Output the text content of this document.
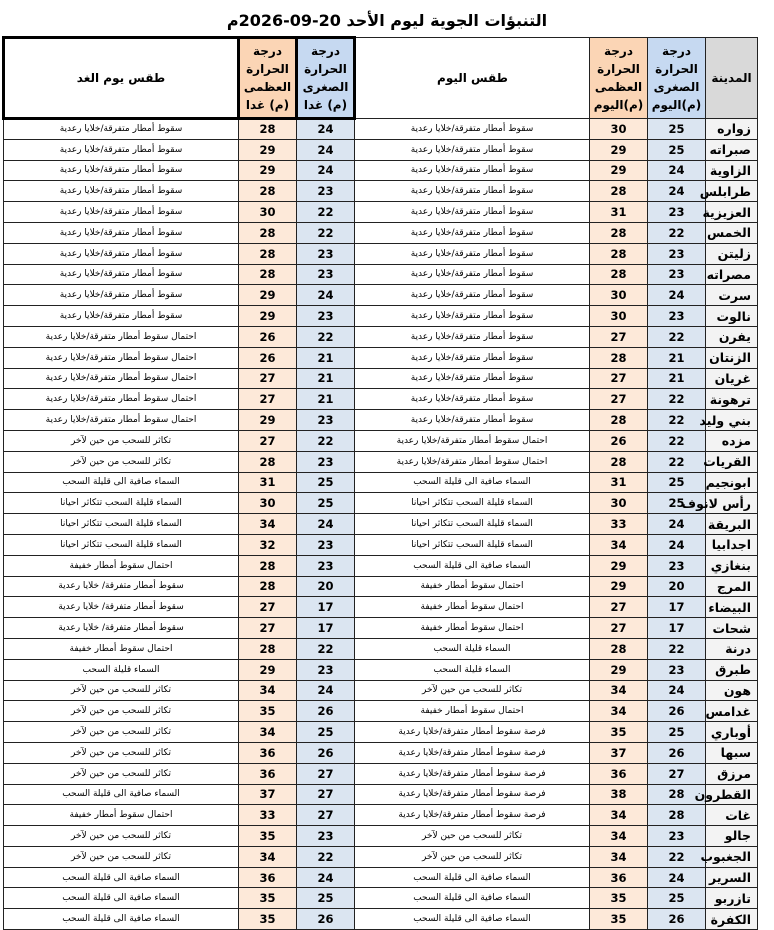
التنبؤات الجوية ليوم الأحد 20-09-2026م
طقس يوم الغد	درجة الحرارة العظمى (م) غدا	درجة الحرارة الصغرى (م) غدا	طقس اليوم	درجة الحرارة العظمى (م)اليوم	درجة الحرارة الصغرى (م)اليوم	المدينة
سقوط أمطار متفرقة/خلايا رعدية	28	24	سقوط أمطار متفرقة/خلايا رعدية	30	25	زواره
سقوط أمطار متفرقة/خلايا رعدية	29	24	سقوط أمطار متفرقة/خلايا رعدية	29	25	صبراته
سقوط أمطار متفرقة/خلايا رعدية	29	24	سقوط أمطار متفرقة/خلايا رعدية	29	24	الزاوية
سقوط أمطار متفرقة/خلايا رعدية	28	23	سقوط أمطار متفرقة/خلايا رعدية	28	24	طرابلس
سقوط أمطار متفرقة/خلايا رعدية	30	22	سقوط أمطار متفرقة/خلايا رعدية	31	23	العزيزية
سقوط أمطار متفرقة/خلايا رعدية	28	22	سقوط أمطار متفرقة/خلايا رعدية	28	22	الخمس
سقوط أمطار متفرقة/خلايا رعدية	28	23	سقوط أمطار متفرقة/خلايا رعدية	28	23	زليتن
سقوط أمطار متفرقة/خلايا رعدية	28	23	سقوط أمطار متفرقة/خلايا رعدية	28	23	مصراته
سقوط أمطار متفرقة/خلايا رعدية	29	24	سقوط أمطار متفرقة/خلايا رعدية	30	24	سرت
سقوط أمطار متفرقة/خلايا رعدية	29	23	سقوط أمطار متفرقة/خلايا رعدية	30	23	نالوت
احتمال سقوط أمطار متفرقة/خلايا رعدية	26	22	سقوط أمطار متفرقة/خلايا رعدية	27	22	يفرن
احتمال سقوط أمطار متفرقة/خلايا رعدية	26	21	سقوط أمطار متفرقة/خلايا رعدية	28	21	الزنتان
احتمال سقوط أمطار متفرقة/خلايا رعدية	27	21	سقوط أمطار متفرقة/خلايا رعدية	27	21	غريان
احتمال سقوط أمطار متفرقة/خلايا رعدية	27	21	سقوط أمطار متفرقة/خلايا رعدية	27	22	ترهونة
احتمال سقوط أمطار متفرقة/خلايا رعدية	29	23	سقوط أمطار متفرقة/خلايا رعدية	28	22	بني وليد
تكاثر للسحب من حين لآخر	27	22	احتمال سقوط أمطار متفرقة/خلايا رعدية	26	22	مزده
تكاثر للسحب من حين لآخر	28	23	احتمال سقوط أمطار متفرقة/خلايا رعدية	28	22	القريات
السماء صافية الى قليلة السحب	31	25	السماء صافية الى قليلة السحب	31	25	ابونجيم
السماء قليلة السحب تتكاثر احيانا	30	25	السماء قليلة السحب تتكاثر احيانا	30	25	رأس لانوف
السماء قليلة السحب تتكاثر احيانا	34	24	السماء قليلة السحب تتكاثر احيانا	33	24	البريقة
السماء قليلة السحب تتكاثر احيانا	32	23	السماء قليلة السحب تتكاثر احيانا	34	24	اجدابيا
احتمال سقوط أمطار خفيفة	28	23	السماء صافية الى قليلة السحب	29	23	بنغازي
سقوط أمطار متفرقة/ خلايا رعدية	28	20	احتمال سقوط أمطار خفيفة	29	20	المرج
سقوط أمطار متفرقة/ خلايا رعدية	27	17	احتمال سقوط أمطار خفيفة	27	17	البيضاء
سقوط أمطار متفرقة/ خلايا رعدية	27	17	احتمال سقوط أمطار خفيفة	27	17	شحات
احتمال سقوط أمطار خفيفة	28	22	السماء قليلة السحب	28	22	درنة
السماء قليلة السحب	29	23	السماء قليلة السحب	29	23	طبرق
تكاثر للسحب من حين لآخر	34	24	تكاثر للسحب من حين لآخر	34	24	هون
تكاثر للسحب من حين لآخر	35	26	احتمال سقوط أمطار خفيفة	34	26	غدامس
تكاثر للسحب من حين لآخر	34	25	فرصة سقوط أمطار متفرقة/خلايا رعدية	35	25	أوباري
تكاثر للسحب من حين لآخر	36	26	فرصة سقوط أمطار متفرقة/خلايا رعدية	37	26	سبها
تكاثر للسحب من حين لآخر	36	27	فرصة سقوط أمطار متفرقة/خلايا رعدية	36	27	مرزق
السماء صافية الى قليلة السحب	37	27	فرصة سقوط أمطار متفرقة/خلايا رعدية	38	28	القطرون
احتمال سقوط أمطار خفيفة	33	27	فرصة سقوط أمطار متفرقة/خلايا رعدية	34	28	غات
تكاثر للسحب من حين لآخر	35	23	تكاثر للسحب من حين لآخر	34	23	جالو
تكاثر للسحب من حين لآخر	34	22	تكاثر للسحب من حين لآخر	34	22	الجغبوب
السماء صافية الى قليلة السحب	36	24	السماء صافية الى قليلة السحب	36	24	السرير
السماء صافية الى قليلة السحب	35	25	السماء صافية الى قليلة السحب	35	25	تازربو
السماء صافية الى قليلة السحب	35	26	السماء صافية الى قليلة السحب	35	26	الكفرة
